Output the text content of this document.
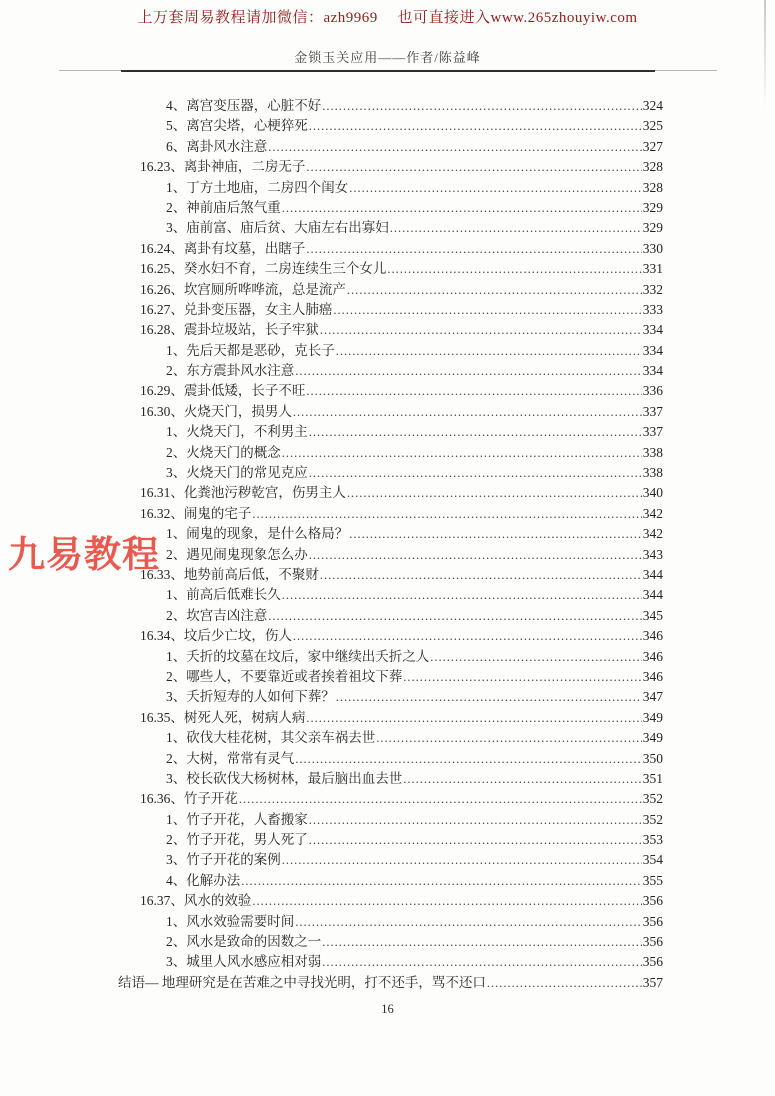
上万套周易教程请加微信：azh9969　 也可直接进入www.265zhouyiw.com
金锁玉关应用——作者/陈益峰
九易教程
4、离宫变压器，心脏不好 .....	324
5、离宫尖塔，心梗猝死 .....	325
6、离卦风水注意 .....	327
16.23、离卦神庙，二房无子 .....	328
1、丁方土地庙，二房四个闺女 .....	328
2、神前庙后煞气重 .....	329
3、庙前富、庙后贫、大庙左右出寡妇 .....	329
16.24、离卦有坟墓，出瞎子 .....	330
16.25、癸水妇不育，二房连续生三个女儿 .....	331
16.26、坎宫厕所哗哗流，总是流产 .....	332
16.27、兑卦变压器，女主人肺癌 .....	333
16.28、震卦垃圾站，长子牢狱 .....	334
1、先后天都是恶砂，克长子 .....	334
2、东方震卦风水注意 .....	334
16.29、震卦低矮，长子不旺 .....	336
16.30、火烧天门，损男人 .....	337
1、火烧天门，不利男主 .....	337
2、火烧天门的概念 .....	338
3、火烧天门的常见克应 .....	338
16.31、化粪池污秽乾宫，伤男主人 .....	340
16.32、闹鬼的宅子 .....	342
1、闹鬼的现象，是什么格局？ .....	342
2、遇见闹鬼现象怎么办 .....	343
16.33、地势前高后低，不聚财 .....	344
1、前高后低难长久 .....	344
2、坎宫吉凶注意 .....	345
16.34、坟后少亡坟，伤人 .....	346
1、夭折的坟墓在坟后，家中继续出夭折之人 .....	346
2、哪些人，不要靠近或者挨着祖坟下葬 .....	346
3、夭折短寿的人如何下葬？ .....	347
16.35、树死人死，树病人病 .....	349
1、砍伐大桂花树，其父亲车祸去世 .....	349
2、大树，常常有灵气 .....	350
3、校长砍伐大杨树林，最后脑出血去世 .....	351
16.36、竹子开花 .....	352
1、竹子开花，人畜搬家 .....	352
2、竹子开花，男人死了 .....	353
3、竹子开花的案例 .....	354
4、化解办法 .....	355
16.37、风水的效验 .....	356
1、风水效验需要时间 .....	356
2、风水是致命的因数之一 .....	356
3、城里人风水感应相对弱 .....	356
结语— 地理研究是在苦难之中寻找光明，打不还手，骂不还口 .....	357
16
